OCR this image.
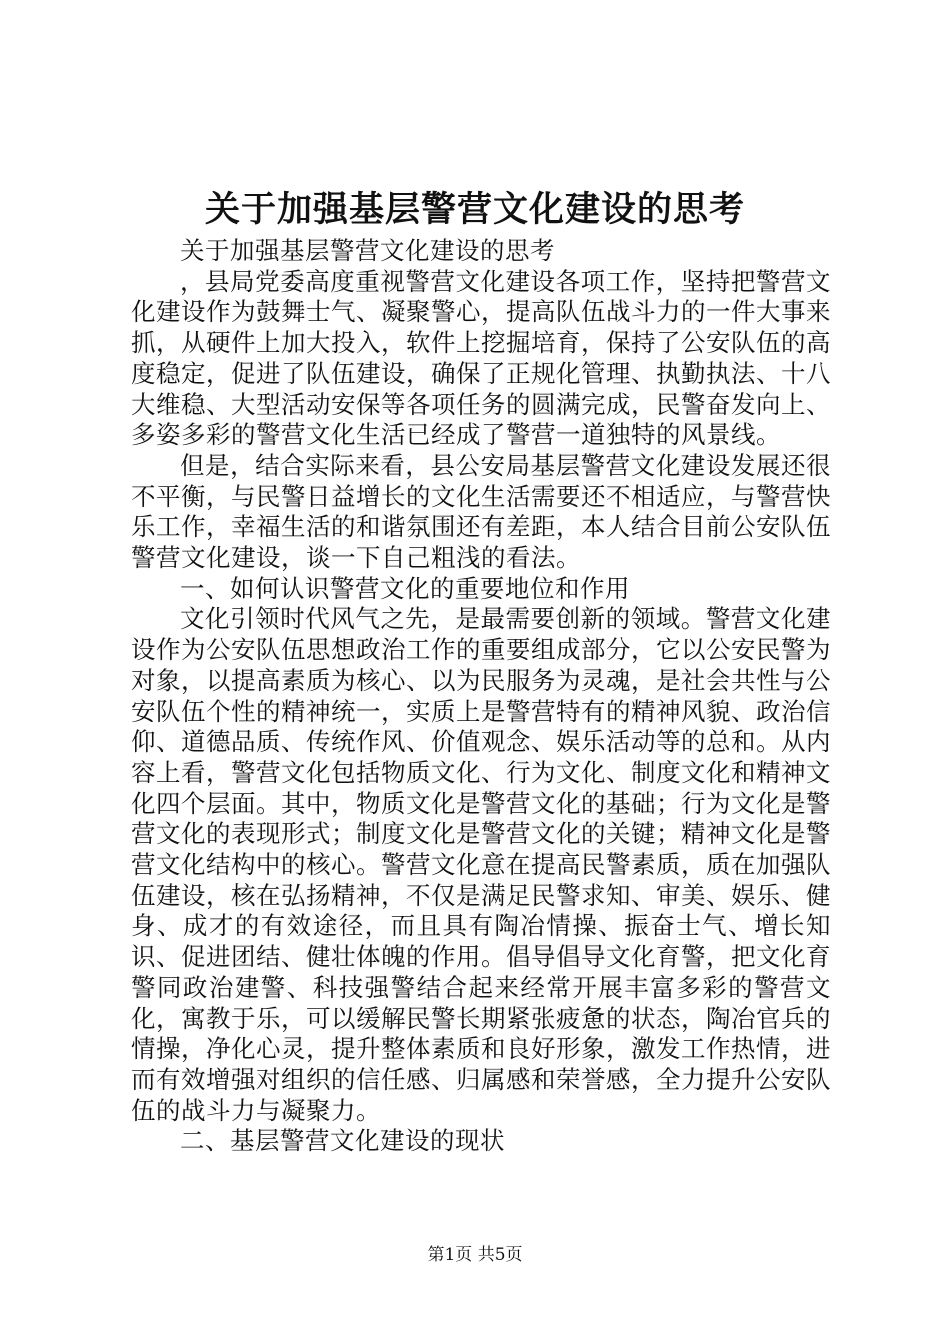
关于加强基层警营文化建设的思考

关于加强基层警营文化建设的思考

，县局党委高度重视警营文化建设各项工作，坚持把警营文化建设作为鼓舞士气、凝聚警心，提高队伍战斗力的一件大事来抓，从硬件上加大投入，软件上挖掘培育，保持了公安队伍的高度稳定，促进了队伍建设，确保了正规化管理、执勤执法、十八大维稳、大型活动安保等各项任务的圆满完成，民警奋发向上、多姿多彩的警营文化生活已经成了警营一道独特的风景线。

但是，结合实际来看，县公安局基层警营文化建设发展还很不平衡，与民警日益增长的文化生活需要还不相适应，与警营快乐工作，幸福生活的和谐氛围还有差距，本人结合目前公安队伍警营文化建设，谈一下自己粗浅的看法。

一、如何认识警营文化的重要地位和作用

文化引领时代风气之先，是最需要创新的领域。警营文化建设作为公安队伍思想政治工作的重要组成部分，它以公安民警为对象，以提高素质为核心、以为民服务为灵魂，是社会共性与公安队伍个性的精神统一，实质上是警营特有的精神风貌、政治信仰、道德品质、传统作风、价值观念、娱乐活动等的总和。从内容上看，警营文化包括物质文化、行为文化、制度文化和精神文化四个层面。其中，物质文化是警营文化的基础；行为文化是警营文化的表现形式；制度文化是警营文化的关键；精神文化是警营文化结构中的核心。警营文化意在提高民警素质，质在加强队伍建设，核在弘扬精神，不仅是满足民警求知、审美、娱乐、健身、成才的有效途径，而且具有陶冶情操、振奋士气、增长知识、促进团结、健壮体魄的作用。倡导倡导文化育警，把文化育警同政治建警、科技强警结合起来经常开展丰富多彩的警营文化，寓教于乐，可以缓解民警长期紧张疲惫的状态，陶冶官兵的情操，净化心灵，提升整体素质和良好形象，激发工作热情，进而有效增强对组织的信任感、归属感和荣誉感，全力提升公安队伍的战斗力与凝聚力。

二、基层警营文化建设的现状

第1页 共5页
